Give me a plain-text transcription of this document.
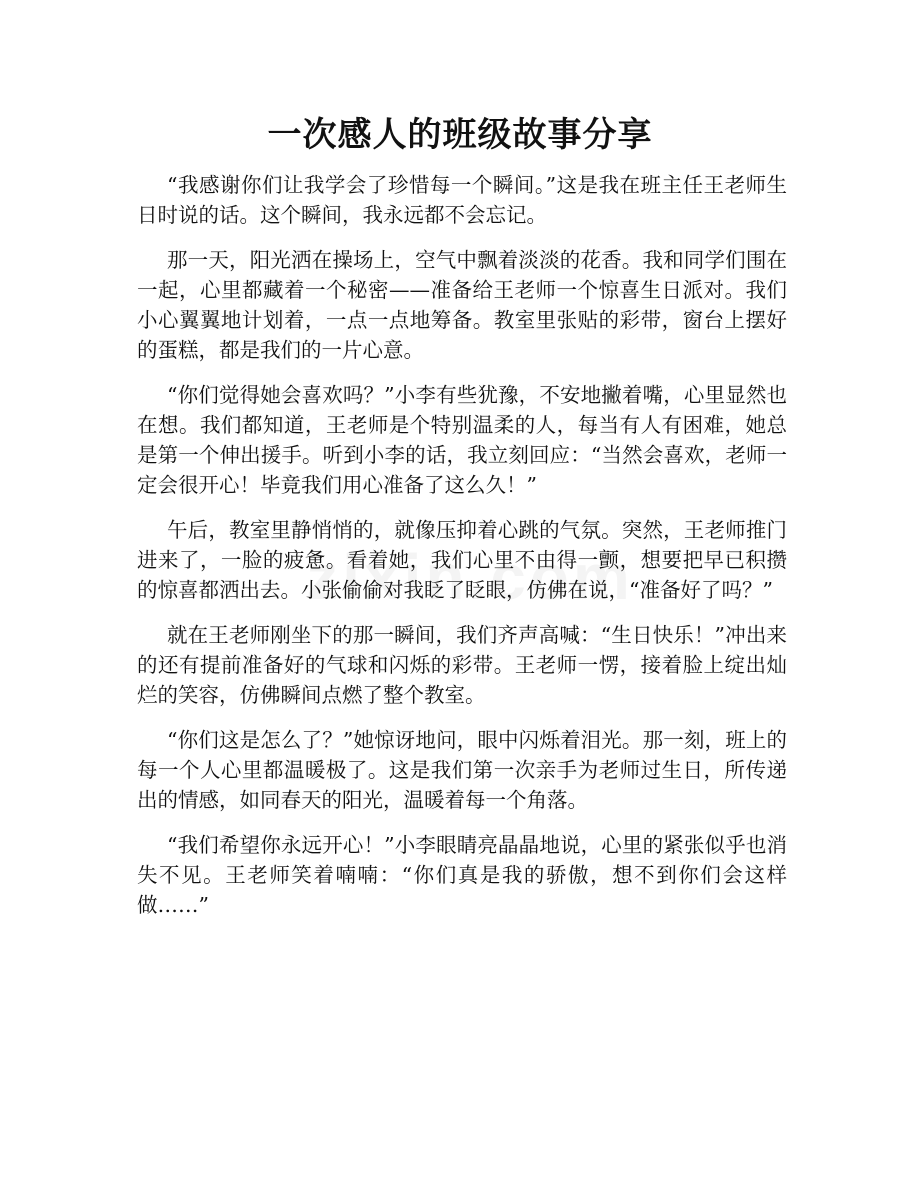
一次感人的班级故事分享

“我感谢你们让我学会了珍惜每一个瞬间。”这是我在班主任王老师生日时说的话。这个瞬间，我永远都不会忘记。

那一天，阳光洒在操场上，空气中飘着淡淡的花香。我和同学们围在一起，心里都藏着一个秘密——准备给王老师一个惊喜生日派对。我们小心翼翼地计划着，一点一点地筹备。教室里张贴的彩带，窗台上摆好的蛋糕，都是我们的一片心意。

“你们觉得她会喜欢吗？”小李有些犹豫，不安地撇着嘴，心里显然也在想。我们都知道，王老师是个特别温柔的人，每当有人有困难，她总是第一个伸出援手。听到小李的话，我立刻回应：“当然会喜欢，老师一定会很开心！毕竟我们用心准备了这么久！”

午后，教室里静悄悄的，就像压抑着心跳的气氛。突然，王老师推门进来了，一脸的疲惫。看着她，我们心里不由得一颤，想要把早已积攒的惊喜都洒出去。小张偷偷对我眨了眨眼，仿佛在说，“准备好了吗？”

就在王老师刚坐下的那一瞬间，我们齐声高喊：“生日快乐！”冲出来的还有提前准备好的气球和闪烁的彩带。王老师一愣，接着脸上绽出灿烂的笑容，仿佛瞬间点燃了整个教室。

“你们这是怎么了？”她惊讶地问，眼中闪烁着泪光。那一刻，班上的每一个人心里都温暖极了。这是我们第一次亲手为老师过生日，所传递出的情感，如同春天的阳光，温暖着每一个角落。

“我们希望你永远开心！”小李眼睛亮晶晶地说，心里的紧张似乎也消失不见。王老师笑着喃喃：“你们真是我的骄傲，想不到你们会这样做……”
